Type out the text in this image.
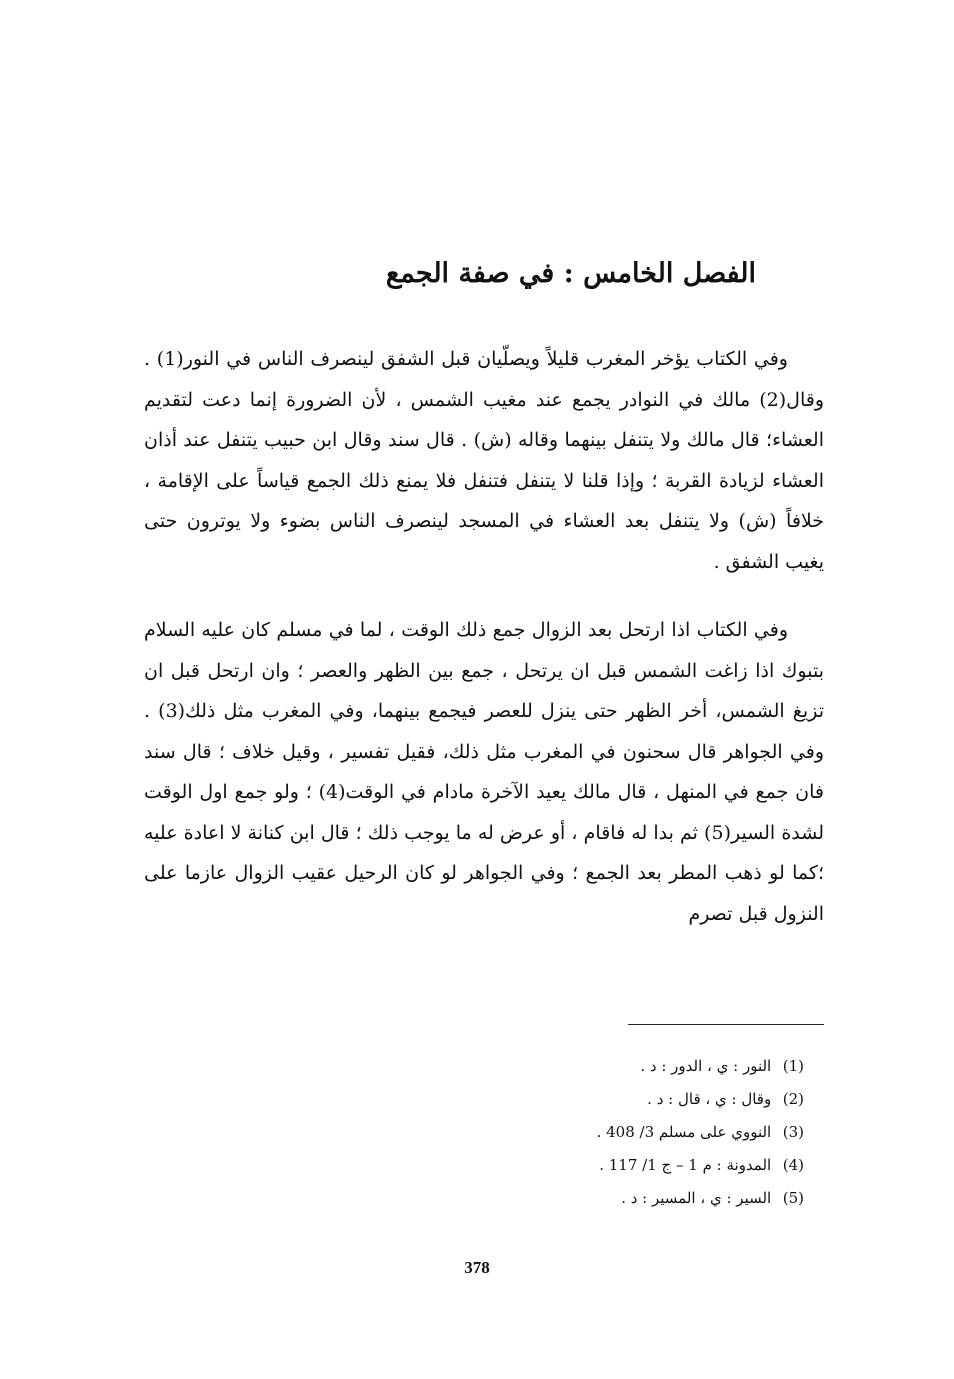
الفصل الخامس : في صفة الجمع

وفي الكتاب يؤخر المغرب قليلاً ويصلّيان قبل الشفق لينصرف الناس في النور(1) . وقال(2) مالك في النوادر يجمع عند مغيب الشمس ، لأن الضرورة إنما دعت لتقديم العشاء؛ قال مالك ولا يتنفل بينهما وقاله (ش) . قال سند وقال ابن حبيب يتنفل عند أذان العشاء لزيادة القربة ؛ وإذا قلنا لا يتنفل فتنفل فلا يمنع ذلك الجمع قياساً على الإقامة ، خلافاً (ش) ولا يتنفل بعد العشاء في المسجد لينصرف الناس بضوء ولا يوترون حتى يغيب الشفق .

وفي الكتاب اذا ارتحل بعد الزوال جمع ذلك الوقت ، لما في مسلم كان عليه السلام بتبوك اذا زاغت الشمس قبل ان يرتحل ، جمع بين الظهر والعصر ؛ وان ارتحل قبل ان تزيغ الشمس، أخر الظهر حتى ينزل للعصر فيجمع بينهما، وفي المغرب مثل ذلك(3) . وفي الجواهر قال سحنون في المغرب مثل ذلك، فقيل تفسير ، وقيل خلاف ؛ قال سند فان جمع في المنهل ، قال مالك يعيد الآخرة مادام في الوقت(4) ؛ ولو جمع اول الوقت لشدة السير(5) ثم بدا له فاقام ، أو عرض له ما يوجب ذلك ؛ قال ابن كنانة لا اعادة عليه ؛كما لو ذهب المطر بعد الجمع ؛ وفي الجواهر لو كان الرحيل عقيب الزوال عازما على النزول قبل تصرم

(1) النور : ي ، الدور : د .
(2) وقال : ي ، قال : د .
(3) النووي على مسلم 3/ 408 .
(4) المدونة : م 1 – ج 1/ 117 .
(5) السير : ي ، المسير : د .
378
